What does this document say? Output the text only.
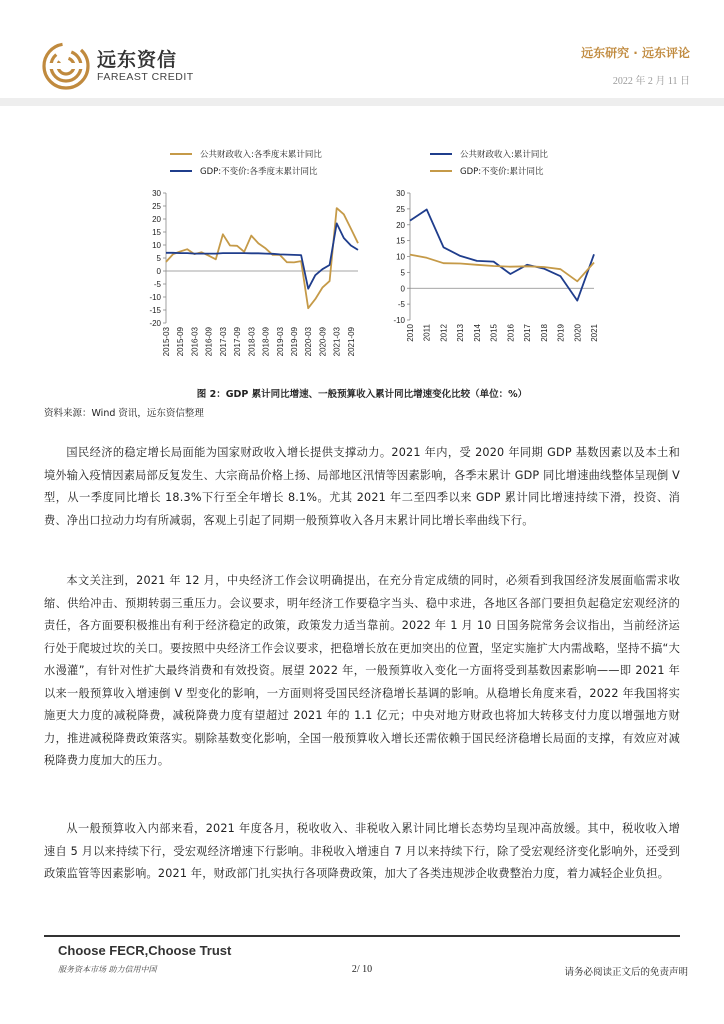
远东资信
FAREAST CREDIT
远东研究 · 远东评论
2022 年 2 月 11 日
公共财政收入:各季度末累计同比
GDP:不变价:各季度末累计同比
30
25
20
15
10
5
0
-5
-10
-15
-20
2015-03 2015-09 2016-03 2016-09 2017-03 2017-09 2018-03 2018-09 2019-03 2019-09 2020-03 2020-09 2021-03 2021-09
公共财政收入:累计同比
GDP:不变价:累计同比
30
25
20
15
10
5
0
-5
-10
2010 2011 2012 2013 2014 2015 2016 2017 2018 2019 2020 2021
图 2：GDP 累计同比增速、一般预算收入累计同比增速变化比较（单位：%）
资料来源：Wind 资讯，远东资信整理

国民经济的稳定增长局面能为国家财政收入增长提供支撑动力。2021 年内，受 2020 年同期 GDP 基数因素以及本土和境外输入疫情因素局部反复发生、大宗商品价格上扬、局部地区汛情等因素影响，各季末累计 GDP 同比增速曲线整体呈现倒 V 型，从一季度同比增长 18.3%下行至全年增长 8.1%。尤其 2021 年二至四季以来 GDP 累计同比增速持续下滑，投资、消费、净出口拉动力均有所减弱，客观上引起了同期一般预算收入各月末累计同比增长率曲线下行。

本文关注到，2021 年 12 月，中央经济工作会议明确提出，在充分肯定成绩的同时，必须看到我国经济发展面临需求收缩、供给冲击、预期转弱三重压力。会议要求，明年经济工作要稳字当头、稳中求进，各地区各部门要担负起稳定宏观经济的责任，各方面要积极推出有利于经济稳定的政策，政策发力适当靠前。2022 年 1 月 10 日国务院常务会议指出，当前经济运行处于爬坡过坎的关口。要按照中央经济工作会议要求，把稳增长放在更加突出的位置，坚定实施扩大内需战略，坚持不搞“大水漫灌”，有针对性扩大最终消费和有效投资。展望 2022 年，一般预算收入变化一方面将受到基数因素影响——即 2021 年以来一般预算收入增速倒 V 型变化的影响，一方面则将受国民经济稳增长基调的影响。从稳增长角度来看，2022 年我国将实施更大力度的减税降费，减税降费力度有望超过 2021 年的 1.1 亿元；中央对地方财政也将加大转移支付力度以增强地方财力，推进减税降费政策落实。剔除基数变化影响，全国一般预算收入增长还需依赖于国民经济稳增长局面的支撑，有效应对减税降费力度加大的压力。

从一般预算收入内部来看，2021 年度各月，税收收入、非税收入累计同比增长态势均呈现冲高放缓。其中，税收收入增速自 5 月以来持续下行，受宏观经济增速下行影响。非税收入增速自 7 月以来持续下行，除了受宏观经济变化影响外，还受到政策监管等因素影响。2021 年，财政部门扎实执行各项降费政策，加大了各类违规涉企收费整治力度，着力减轻企业负担。

Choose FECR,Choose Trust
服务资本市场 助力信用中国	2/ 10	请务必阅读正文后的免责声明
